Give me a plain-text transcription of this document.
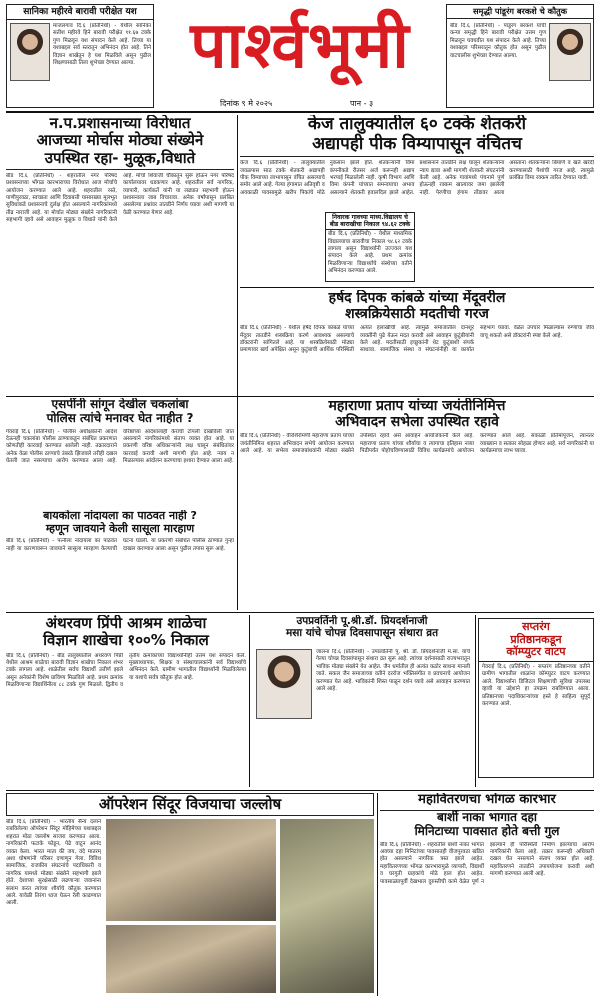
सानिका महीरवे बारावी परीक्षेत यश
माजलगाव दि.६ (प्रतिनिधी) - येथील सानिका सतीश महीरवे हिने बारावी परीक्षेत ९१.६७ टक्के गुण मिळवून यश संपादन केले आहे. तिच्या या यशाबद्दल सर्व स्तरातून अभिनंदन होत आहे. तिने विज्ञान शाखेतून हे यश मिळविले असून पुढील शिक्षणासाठी तिला शुभेच्छा देण्यात आल्या. पार्श्वभूमी	समृद्धी पांडूरंग बरकशे चे कौतुक
बीड दि.६ (प्रतिनिधी) - पांडूरंग बरकशे यांची कन्या समृद्धी हिने बारावी परीक्षेत उत्तम गुण मिळवून घवघवीत यश संपादन केले आहे. तिच्या यशाबद्दल परिसरातून कौतुक होत असून पुढील वाटचालीस शुभेच्छा देण्यात आल्या.
दिनांक ९ मे २०२५	पान - ३
न.प.प्रशासनाच्या विरोधात
आजच्या मोर्चास मोठ्या संख्येने
उपस्थित रहा- मुळूक,विधाते
बीड दि.६ (प्रतिनिधी) - शहरातील नगर परिषद प्रशासनाच्या भोंगळ कारभाराच्या विरोधात आज मोर्चाचे आयोजन करण्यात आले आहे. शहरातील रस्ते, पाणीपुरवठा, स्वच्छता आणि दिवाबत्ती यासारख्या मूलभूत सुविधांकडे प्रशासनाचे दुर्लक्ष होत असल्याने नागरिकांमध्ये तीव्र नाराजी आहे. या मोर्चात मोठ्या संख्येने नागरिकांनी सहभागी व्हावे असे आवाहन मुळूक व विधाते यांनी केले आहे. मोर्चा शिवाजी चौकातून सुरू होऊन नगर परिषद कार्यालयावर धडकणार आहे. शहरातील सर्व नागरिक, व्यापारी, कार्यकर्ते यांनी या लढ्यात सहभागी होऊन प्रशासनाला जाब विचारावा. अनेक वर्षांपासून प्रलंबित असलेल्या प्रश्नांवर तातडीने निर्णय घ्यावा अशी मागणी या वेळी करण्यात येणार आहे.
केज तालुक्यातील ६० टक्के शेतकरी
अद्यापही पीक विम्यापासून वंचितच
केज दि.६ (प्रतिनिधी) - तालुक्यातील जवळपास साठ टक्के शेतकरी अद्यापही पीक विम्याच्या लाभापासून वंचित असल्याचे समोर आले आहे. गेल्या हंगामात अतिवृष्टी व अवकाळी पावसामुळे खरीप पिकांचे मोठे नुकसान झाले होते. शेतकऱ्यांनी विमा कंपनीकडे रीतसर अर्ज करूनही अद्याप भरपाई मिळालेली नाही. कृषी विभाग आणि विमा कंपनी यांच्यात समन्वयाचा अभाव असल्याने शेतकरी हवालदिल झाले आहेत. प्रशासनाने तातडीने लक्ष घालून शेतकऱ्यांना न्याय द्यावा अशी मागणी शेतकरी संघटनांनी केली आहे. अनेक गावांमध्ये पंचनामे पूर्ण होऊनही रक्कम खात्यावर जमा झालेली नाही. पेरणीचा हंगाम तोंडावर आला असताना शेतकऱ्यांना बियाणे व खते खरेदी करण्यासाठी पैशांची गरज आहे. त्यामुळे प्रलंबित विमा रक्कम त्वरित देण्यात यावी.
निवारक गावच्या माध्य.विद्यालय चे बीड बाराखीचा निकाल ९४.६२ टक्के
बीड दि.६ (प्रतिनिधी) - येथील माध्यमिक विद्यालयाचा बारावीचा निकाल ९४.६२ टक्के लागला असून विद्यार्थ्यांनी उज्ज्वल यश संपादन केले आहे. प्रथम क्रमांक मिळविणाऱ्या विद्यार्थ्यांचे संस्थेच्या वतीने अभिनंदन करण्यात आले.
हर्षद दिपक कांबळे यांच्या मेंदूवरील
शस्त्रक्रियेसाठी मदतीची गरज
बीड दि.६ (प्रतिनिधी) - येथील हर्षद दिपक कांबळे यांच्या मेंदूवर तातडीने शस्त्रक्रिया करणे आवश्यक असल्याचे डॉक्टरांनी सांगितले आहे. या शस्त्रक्रियेसाठी मोठ्या प्रमाणावर खर्च अपेक्षित असून कुटुंबाची आर्थिक परिस्थिती अत्यंत हलाखीची आहे. त्यामुळे समाजातील दानशूर व्यक्तींनी पुढे येऊन मदत करावी असे आवाहन कुटुंबीयांनी केले आहे. मदतीसाठी इच्छुकांनी थेट कुटुंबाशी संपर्क साधावा. सामाजिक संस्था व संघटनांनीही या कार्यात सहभाग घ्यावा. वेळेत उपचार मिळाल्यास रुग्णाचा जीव वाचू शकतो असे डॉक्टरांनी स्पष्ट केले आहे.
एसपींनी सांगून देखील चकलांबा
पोलिस त्यांचे मनावर घेत नाहीत ?
गेवराई दि.६ (प्रतिनिधी) - पोलीस अधीक्षकांनी आदेश देऊनही चकलांबा पोलीस ठाण्याकडून संबंधित प्रकरणात कोणतीही कारवाई करण्यात आलेली नाही. तक्रारदाराने अनेक वेळा पोलीस ठाण्याचे उंबरठे झिजवले तरीही दखल घेतली जात नसल्याचा आरोप करण्यात आला आहे. वरिष्ठांच्या आदेशालाही केराची टोपली दाखविली जात असल्याने नागरिकांमध्ये संताप व्यक्त होत आहे. या प्रकरणी वरिष्ठ अधिकाऱ्यांनी लक्ष घालून संबंधितांवर कारवाई करावी अशी मागणी होत आहे. न्याय न मिळाल्यास आंदोलन करण्याचा इशारा देण्यात आला आहे.
बायकोला नांदायला का पाठवत नाही ?
म्हणून जावयाने केली सासूला मारहाण
बीड दि.६ (प्रतिनिधी) - पत्नीला नांदायला का पाठवत नाही या कारणावरून जावयाने सासूला मारहाण केल्याची घटना घडली. या प्रकरणी संबंधित पोलीस ठाण्यात गुन्हा दाखल करण्यात आला असून पुढील तपास सुरू आहे.
महाराणा प्रताप यांच्या जयंतीनिमित्त
अभिवादन सभेला उपस्थित रहावे
बीड दि.६ (प्रतिनिधी) - वीरशिरोमणी महाराणा प्रताप यांच्या जयंतीनिमित्त शहरात अभिवादन सभेचे आयोजन करण्यात आले आहे. या सभेला समाजबांधवांनी मोठ्या संख्येने उपस्थित रहावे असे आवाहन आयोजकांनी केले आहे. महाराणा प्रताप यांच्या शौर्याचा व त्यागाचा इतिहास नव्या पिढीपर्यंत पोहोचविण्यासाठी विविध कार्यक्रमांचे आयोजन करण्यात आले आहे. सकाळी प्रतिमापूजन, त्यानंतर व्याख्यान व सत्कार सोहळा होणार आहे. सर्व नागरिकांनी या कार्यक्रमाचा लाभ घ्यावा.
अंथरवण प्रिंपी आश्रम शाळेचा
विज्ञान शाखेचा १००% निकाल
बीड दि.६ (प्रतिनिधी) - बीड तालुक्यातील अंथरवण पिंप्री येथील आश्रम शाळेचा बारावी विज्ञान शाखेचा निकाल शंभर टक्के लागला आहे. शाळेतील सर्वच विद्यार्थी उत्तीर्ण झाले असून अनेकांनी विशेष प्राविण्य मिळविले आहे. प्रथम क्रमांक मिळविणाऱ्या विद्यार्थिनीला ८८ टक्के गुण मिळाले. द्वितीय व तृतीय क्रमांकाच्या विद्यार्थ्यांनीही उत्तम यश संपादन केले. मुख्याध्यापक, शिक्षक व संस्थाचालकांनी सर्व विद्यार्थ्यांचे अभिनंदन केले. ग्रामीण भागातील विद्यार्थ्यांनी मिळविलेल्या या यशाचे सर्वत्र कौतुक होत आहे.
उपप्रवर्तिनी पू.श्री.डॉ. प्रियदर्शनाजी
मसा यांचे चोपन्न दिवसापासून संथारा व्रत
जालना दि.६ (प्रतिनिधी) - उपप्रवर्तिनी पू. श्री. डॉ. प्रियदर्शनाजी म.सा. यांचे गेल्या चोपन्न दिवसांपासून संथारा व्रत सुरू आहे. त्यांच्या दर्शनासाठी राज्यभरातून भाविक मोठ्या संख्येने येत आहेत. जैन धर्मातील ही अत्यंत कठोर साधना मानली जाते. सकल जैन समाजाच्या वतीने दररोज भक्तिसंगीत व प्रवचनाचे आयोजन करण्यात येत आहे. भाविकांनी शिस्त पाळून दर्शन घ्यावे असे आवाहन करण्यात आले आहे.
सप्तरंग
प्रतिष्ठानकडून
कॉम्प्युटर वाटप
गेवराई दि.६ (प्रतिनिधी) - सप्तरंग प्रतिष्ठानच्या वतीने ग्रामीण भागातील शाळांना कॉम्प्युटर वाटप करण्यात आले. विद्यार्थ्यांना डिजिटल शिक्षणाची सुविधा उपलब्ध व्हावी या उद्देशाने हा उपक्रम राबविण्यात आला. प्रतिष्ठानच्या पदाधिकाऱ्यांच्या हस्ते हे साहित्य सुपूर्द करण्यात आले.
ऑपरेशन सिंदूर विजयाचा जल्लोष
बीड दि.६ (प्रतिनिधी) - भारतीय सैन्य दलाने राबविलेल्या ऑपरेशन सिंदूर मोहिमेच्या यशाबद्दल शहरात मोठा जल्लोष साजरा करण्यात आला. नागरिकांनी फटाके फोडून, पेढे वाटून आनंद व्यक्त केला. भारत माता की जय, वंदे मातरम् अशा घोषणांनी परिसर दणाणून गेला. विविध सामाजिक, राजकीय संघटनांचे पदाधिकारी व नागरिक यामध्ये मोठ्या संख्येने सहभागी झाले होते. देशाच्या सुरक्षेसाठी लढणाऱ्या जवानांना सलाम करत त्यांच्या शौर्याचे कौतुक करण्यात आले. यावेळी तिरंगा ध्वज घेऊन रॅली काढण्यात आली.
महावितरणचा भोंगळ कारभार
बार्शी नाका भागात दहा
मिनिटाच्या पावसात होते बत्ती गुल
बीड दि.६ (प्रतिनिधी) - शहरातील बार्शी नाका भागात अवघ्या दहा मिनिटांच्या पावसातही वीजपुरवठा खंडित होत असल्याने नागरिक त्रस्त झाले आहेत. महावितरणच्या भोंगळ कारभारामुळे व्यापारी, विद्यार्थी व घरगुती ग्राहकांचे मोठे हाल होत आहेत. पावसाळ्यापूर्वी देखभाल दुरुस्तीची कामे वेळेत पूर्ण न झाल्याने ही परिस्थिती निर्माण झाल्याचा आरोप नागरिकांनी केला आहे. तक्रार करूनही अधिकारी दखल घेत नसल्याने संताप व्यक्त होत आहे. महावितरणने तातडीने उपाययोजना करावी अशी मागणी करण्यात आली आहे.
